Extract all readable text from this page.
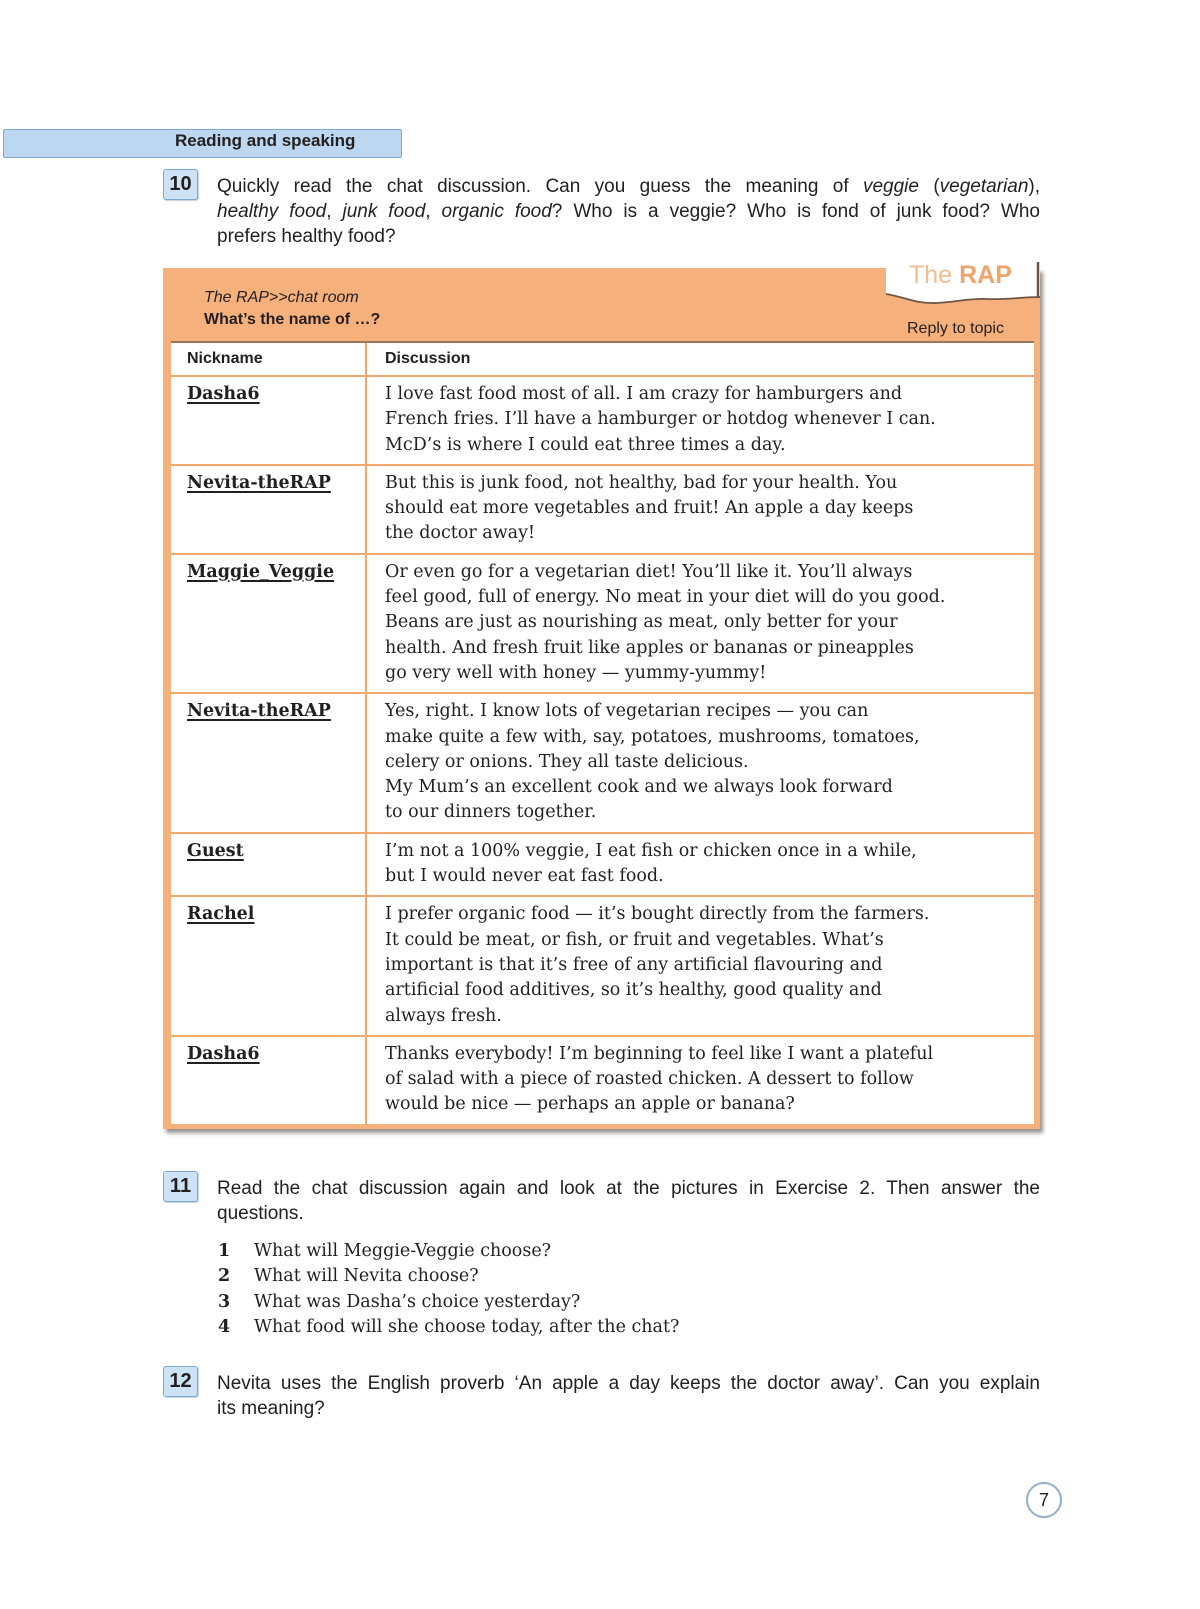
Reading and speaking
10	Quickly read the chat discussion. Can you guess the meaning of veggie (vegetarian),
healthy food, junk food, organic food? Who is a veggie? Who is fond of junk food? Who
prefers healthy food?
The RAP>>chat room
What’s the name of …?
The RAP
Reply to topic
Nickname	Discussion
Dasha6	I love fast food most of all. I am crazy for hamburgers and
French fries. I’ll have a hamburger or hotdog whenever I can.
McD’s is where I could eat three times a day.
Nevita-theRAP	But this is junk food, not healthy, bad for your health. You
should eat more vegetables and fruit! An apple a day keeps
the doctor away!
Maggie_Veggie	Or even go for a vegetarian diet! You’ll like it. You’ll always
feel good, full of energy. No meat in your diet will do you good.
Beans are just as nourishing as meat, only better for your
health. And fresh fruit like apples or bananas or pineapples
go very well with honey — yummy-yummy!
Nevita-theRAP	Yes, right. I know lots of vegetarian recipes — you can
make quite a few with, say, potatoes, mushrooms, tomatoes,
celery or onions. They all taste delicious.
My Mum’s an excellent cook and we always look forward
to our dinners together.
Guest	I’m not a 100% veggie, I eat fish or chicken once in a while,
but I would never eat fast food.
Rachel	I prefer organic food — it’s bought directly from the farmers.
It could be meat, or fish, or fruit and vegetables. What’s
important is that it’s free of any artificial flavouring and
artificial food additives, so it’s healthy, good quality and
always fresh.
Dasha6	Thanks everybody! I’m beginning to feel like I want a plateful
of salad with a piece of roasted chicken. A dessert to follow
would be nice — perhaps an apple or banana?
11	Read the chat discussion again and look at the pictures in Exercise 2. Then answer the
questions.
1	What will Meggie-Veggie choose?
2	What will Nevita choose?
3	What was Dasha’s choice yesterday?
4	What food will she choose today, after the chat?
12	Nevita uses the English proverb ‘An apple a day keeps the doctor away’. Can you explain
its meaning?
7
